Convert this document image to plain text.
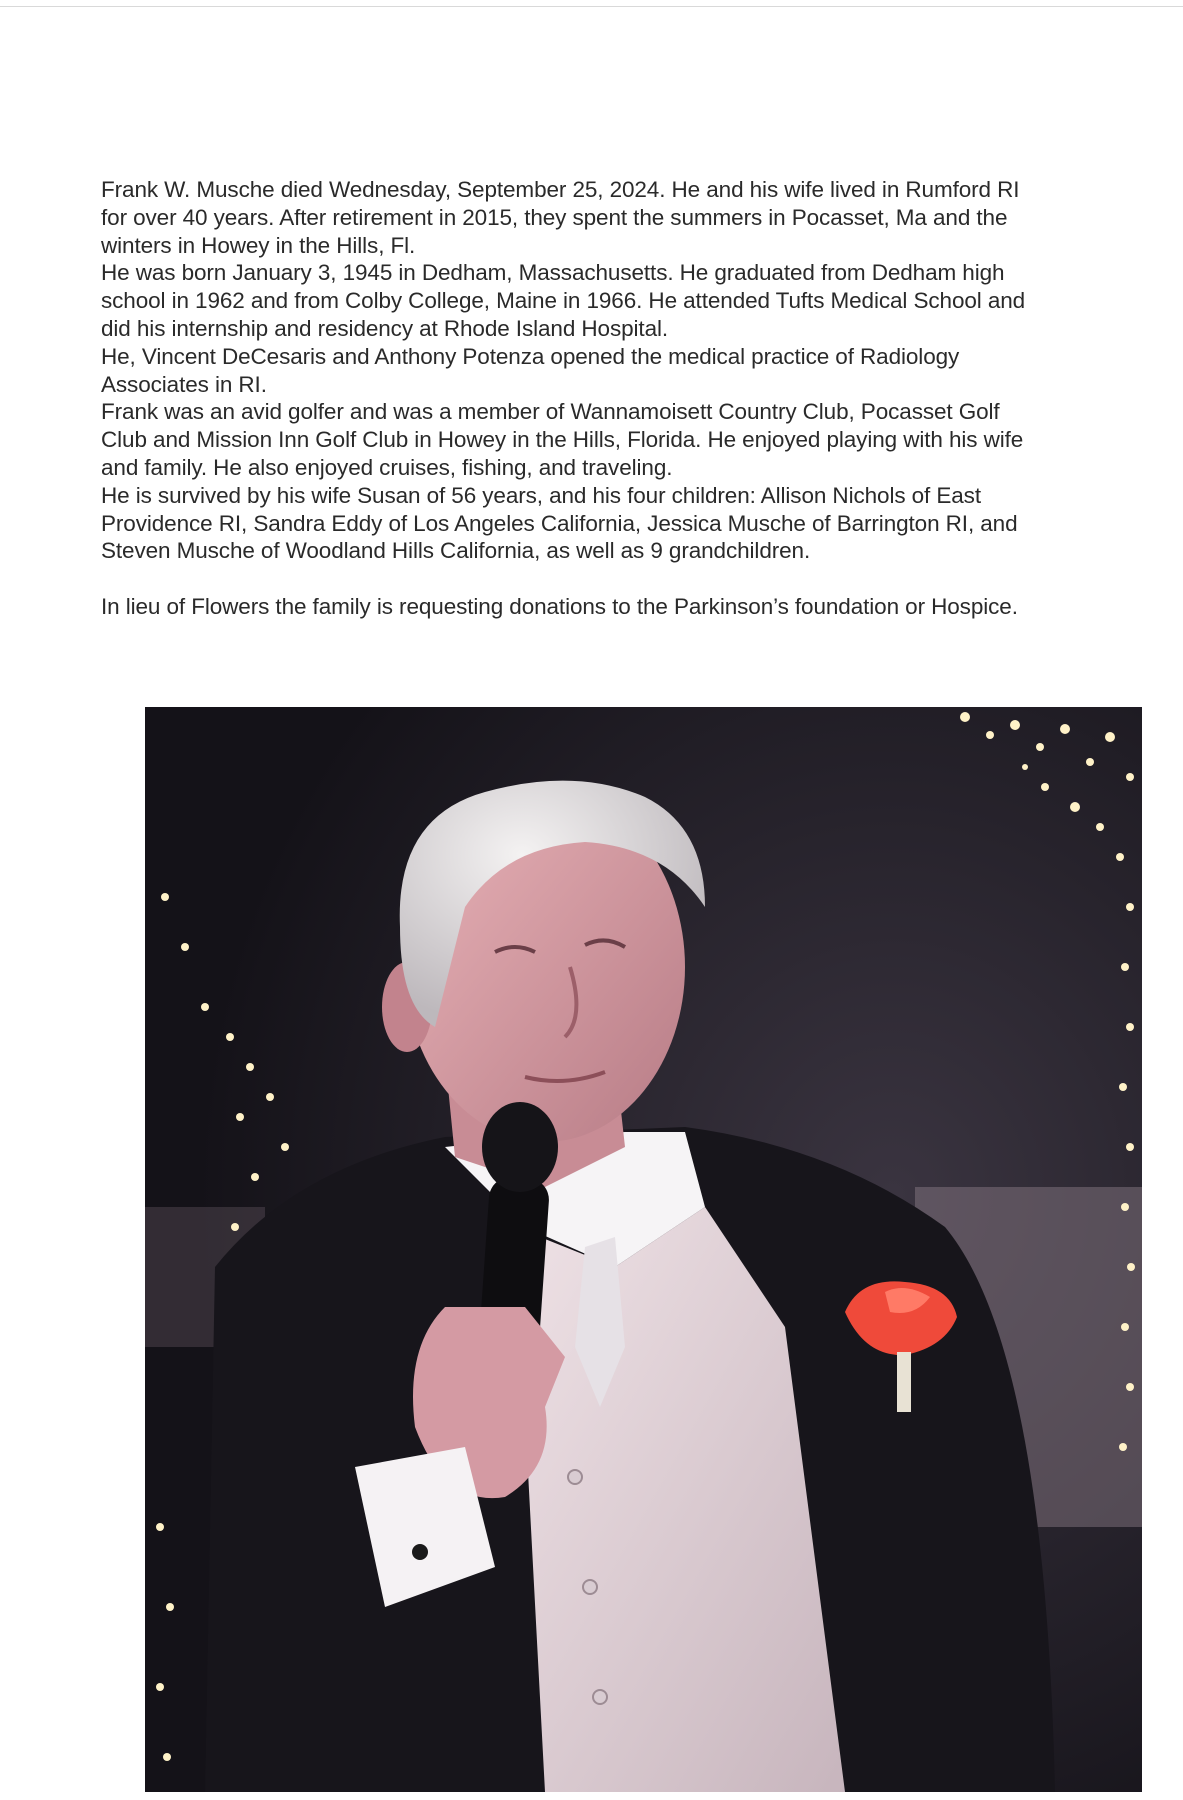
Frank W. Musche died Wednesday, September 25, 2024. He and his wife lived in Rumford RI
for over 40 years. After retirement in 2015, they spent the summers in Pocasset, Ma and the
winters in Howey in the Hills, Fl.

He was born January 3, 1945 in Dedham, Massachusetts. He graduated from Dedham high
school in 1962 and from Colby College, Maine in 1966. He attended Tufts Medical School and
did his internship and residency at Rhode Island Hospital.

He, Vincent DeCesaris and Anthony Potenza opened the medical practice of Radiology
Associates in RI.

Frank was an avid golfer and was a member of Wannamoisett Country Club, Pocasset Golf
Club and Mission Inn Golf Club in Howey in the Hills, Florida. He enjoyed playing with his wife
and family. He also enjoyed cruises, fishing, and traveling.

He is survived by his wife Susan of 56 years, and his four children: Allison Nichols of East
Providence RI, Sandra Eddy of Los Angeles California, Jessica Musche of Barrington RI, and
Steven Musche of Woodland Hills California, as well as 9 grandchildren.

In lieu of Flowers the family is requesting donations to the Parkinson’s foundation or Hospice.
